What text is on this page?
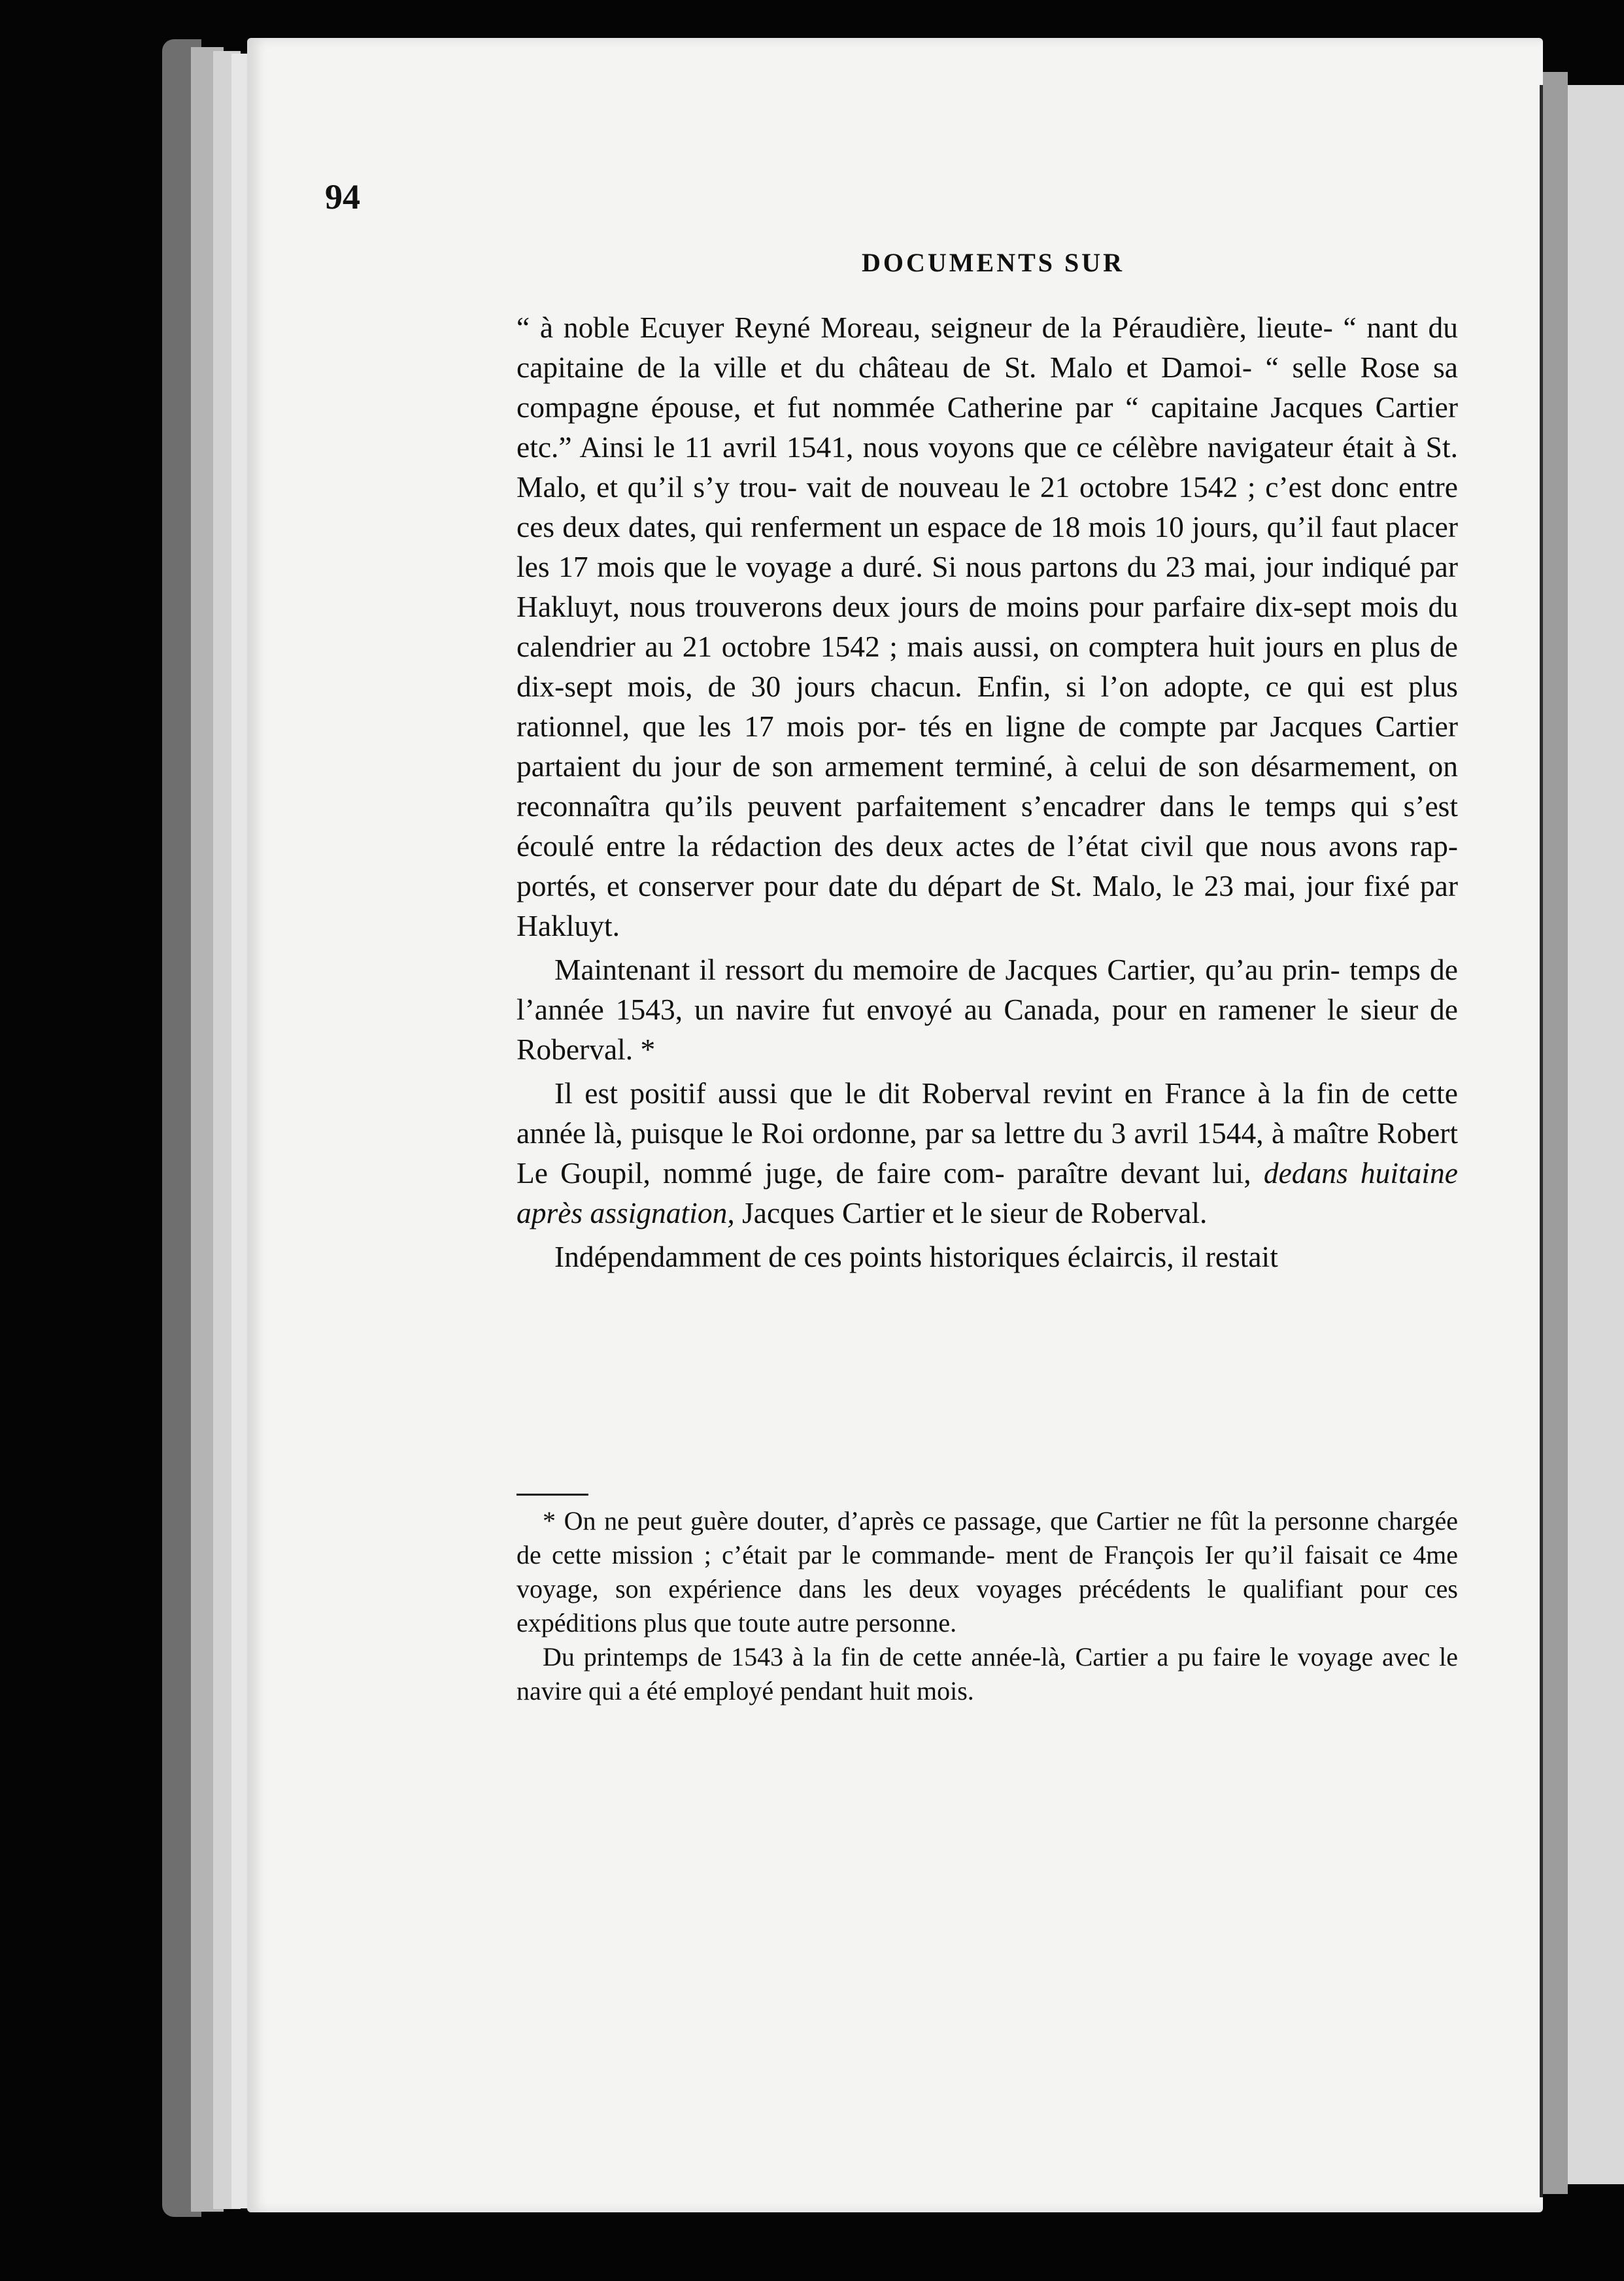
94
DOCUMENTS SUR

“ à noble Ecuyer Reyné Moreau, seigneur de la Péraudière, lieute- “ nant du capitaine de la ville et du château de St. Malo et Damoi- “ selle Rose sa compagne épouse, et fut nommée Catherine par “ capitaine Jacques Cartier etc.” Ainsi le 11 avril 1541, nous voyons que ce célèbre navigateur était à St. Malo, et qu’il s’y trou- vait de nouveau le 21 octobre 1542 ; c’est donc entre ces deux dates, qui renferment un espace de 18 mois 10 jours, qu’il faut placer les 17 mois que le voyage a duré. Si nous partons du 23 mai, jour indiqué par Hakluyt, nous trouverons deux jours de moins pour parfaire dix-sept mois du calendrier au 21 octobre 1542 ; mais aussi, on comptera huit jours en plus de dix-sept mois, de 30 jours chacun. Enfin, si l’on adopte, ce qui est plus rationnel, que les 17 mois por- tés en ligne de compte par Jacques Cartier partaient du jour de son armement terminé, à celui de son désarmement, on reconnaîtra qu’ils peuvent parfaitement s’encadrer dans le temps qui s’est écoulé entre la rédaction des deux actes de l’état civil que nous avons rap- portés, et conserver pour date du départ de St. Malo, le 23 mai, jour fixé par Hakluyt.

Maintenant il ressort du memoire de Jacques Cartier, qu’au prin- temps de l’année 1543, un navire fut envoyé au Canada, pour en ramener le sieur de Roberval. *

Il est positif aussi que le dit Roberval revint en France à la fin de cette année là, puisque le Roi ordonne, par sa lettre du 3 avril 1544, à maître Robert Le Goupil, nommé juge, de faire com- paraître devant lui, dedans huitaine après assignation, Jacques Cartier et le sieur de Roberval.

Indépendamment de ces points historiques éclaircis, il restait

* On ne peut guère douter, d’après ce passage, que Cartier ne fût la personne chargée de cette mission ; c’était par le commande- ment de François Ier qu’il faisait ce 4me voyage, son expérience dans les deux voyages précédents le qualifiant pour ces expéditions plus que toute autre personne.

Du printemps de 1543 à la fin de cette année-là, Cartier a pu faire le voyage avec le navire qui a été employé pendant huit mois.
